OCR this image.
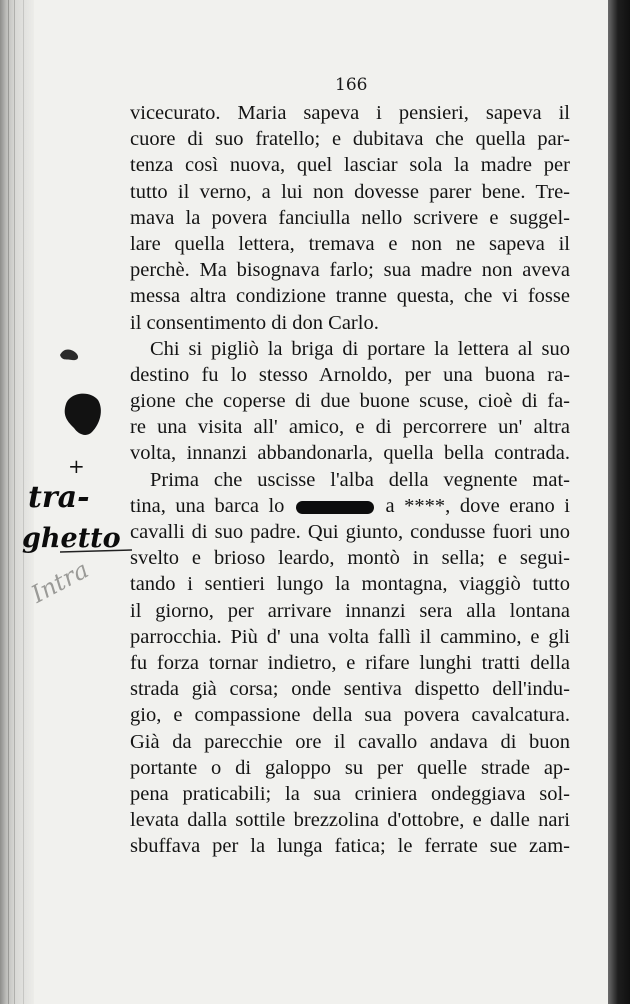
166

vicecurato. Maria sapeva i pensieri, sapeva il
cuore di suo fratello; e dubitava che quella par-
tenza così nuova, quel lasciar sola la madre per
tutto il verno, a lui non dovesse parer bene. Tre-
mava la povera fanciulla nello scrivere e suggel-
lare quella lettera, tremava e non ne sapeva il
perchè. Ma bisognava farlo; sua madre non aveva
messa altra condizione tranne questa, che vi fosse
il consentimento di don Carlo.
Chi si pigliò la briga di portare la lettera al suo
destino fu lo stesso Arnoldo, per una buona ra-
gione che coperse di due buone scuse, cioè di fa-
re una visita all' amico, e di percorrere un' altra
volta, innanzi abbandonarla, quella bella contrada.
Prima che uscisse l'alba della vegnente mat-
tina, una barca lo	a ****, dove erano i
cavalli di suo padre. Qui giunto, condusse fuori uno
svelto e brioso leardo, montò in sella; e segui-
tando i sentieri lungo la montagna, viaggiò tutto
il giorno, per arrivare innanzi sera alla lontana
parrocchia. Più d' una volta fallì il cammino, e gli
fu forza tornar indietro, e rifare lunghi tratti della
strada già corsa; onde sentiva dispetto dell'indu-
gio, e compassione della sua povera cavalcatura.
Già da parecchie ore il cavallo andava di buon
portante o di galoppo su per quelle strade ap-
pena praticabili; la sua criniera ondeggiava sol-
levata dalla sottile brezzolina d'ottobre, e dalle nari
sbuffava per la lunga fatica; le ferrate sue zam-
+
tra-
ghetto
Intra
